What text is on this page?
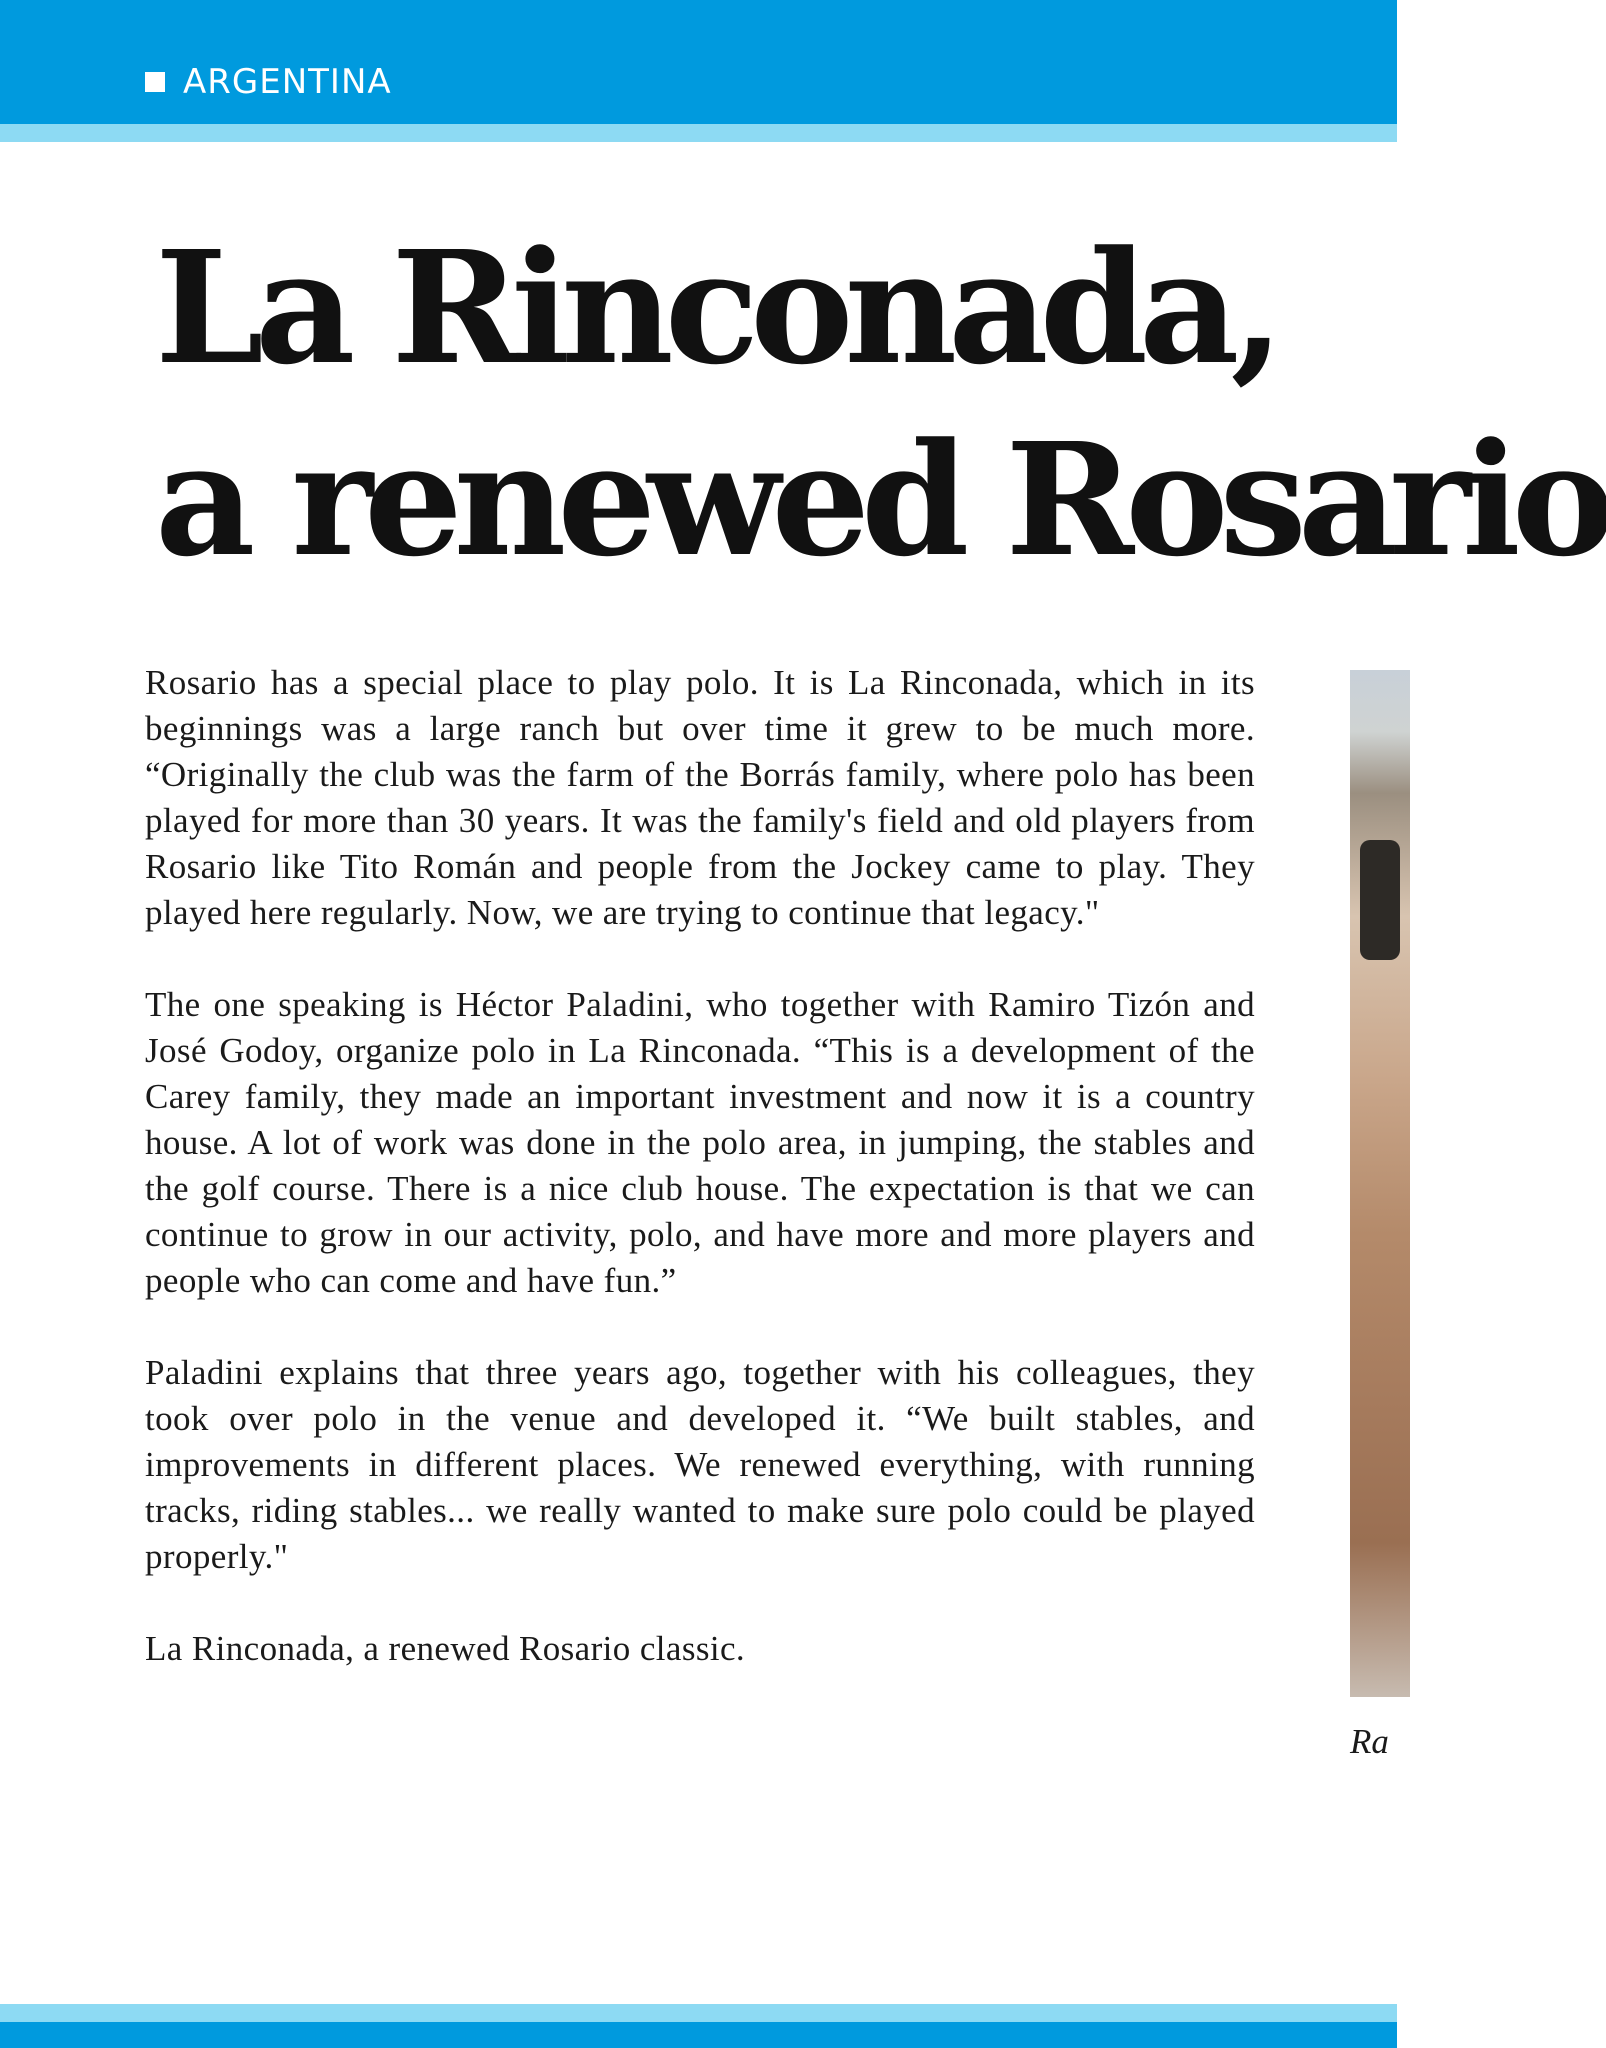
ARGENTINA
La Rinconada,
a renewed Rosario

Rosario has a special place to play polo. It is La Rinconada, which in its beginnings was a large ranch but over time it grew to be much more. “Originally the club was the farm of the Borrás family, where polo has been played for more than 30 years. It was the family's field and old players from Rosario like Tito Román and people from the Jockey came to play. They played here regularly. Now, we are trying to continue that legacy."

The one speaking is Héctor Paladini, who together with Ramiro Tizón and José Godoy, organize polo in La Rinconada. “This is a development of the Carey family, they made an important investment and now it is a country house. A lot of work was done in the polo area, in jumping, the stables and the golf course. There is a nice club house. The expectation is that we can continue to grow in our activity, polo, and have more and more players and people who can come and have fun.”

Paladini explains that three years ago, together with his colleagues, they took over polo in the venue and developed it. “We built stables, and improvements in different places. We renewed everything, with running tracks, riding stables... we really wanted to make sure polo could be played properly."

La Rinconada, a renewed Rosario classic.

Ra
